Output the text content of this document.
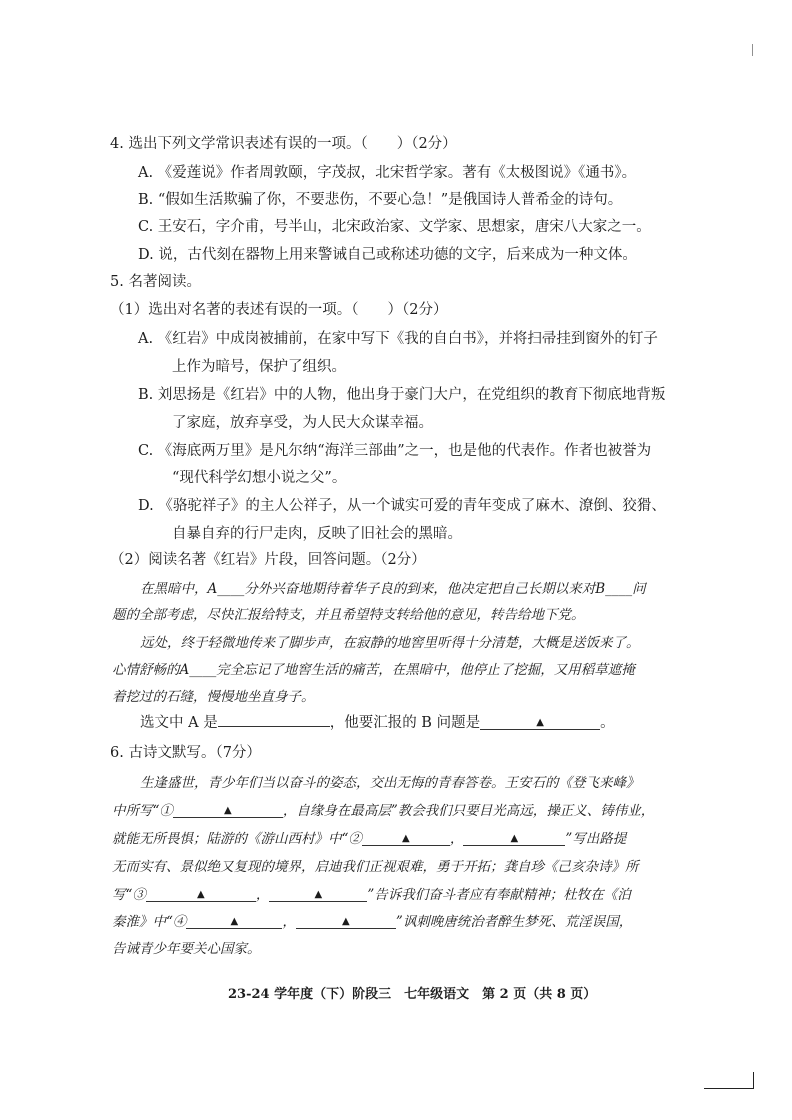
4. 选出下列文学常识表述有误的一项。（　　）（2分）
A. 《爱莲说》作者周敦颐，字茂叔，北宋哲学家。著有《太极图说》《通书》。
B. “假如生活欺骗了你，不要悲伤，不要心急！”是俄国诗人普希金的诗句。
C. 王安石，字介甫，号半山，北宋政治家、文学家、思想家，唐宋八大家之一。
D. 说，古代刻在器物上用来警诫自己或称述功德的文字，后来成为一种文体。
5. 名著阅读。
（1）选出对名著的表述有误的一项。（　　）（2分）
A. 《红岩》中成岗被捕前，在家中写下《我的自白书》，并将扫帚挂到窗外的钉子
上作为暗号，保护了组织。
B. 刘思扬是《红岩》中的人物，他出身于豪门大户，在党组织的教育下彻底地背叛
了家庭，放弃享受，为人民大众谋幸福。
C. 《海底两万里》是凡尔纳“海洋三部曲”之一，也是他的代表作。作者也被誉为
“现代科学幻想小说之父”。
D. 《骆驼祥子》的主人公祥子，从一个诚实可爱的青年变成了麻木、潦倒、狡猾、
自暴自弃的行尸走肉，反映了旧社会的黑暗。
（2）阅读名著《红岩》片段，回答问题。（2分）
在黑暗中，A____分外兴奋地期待着华子良的到来，他决定把自己长期以来对B____问
题的全部考虑，尽快汇报给特支，并且希望特支转给他的意见，转告给地下党。
远处，终于轻微地传来了脚步声，在寂静的地窖里听得十分清楚，大概是送饭来了。
心情舒畅的A____完全忘记了地窖生活的痛苦，在黑暗中，他停止了挖掘，又用稻草遮掩
着挖过的石缝，慢慢地坐直身子。
选文中 A 是	，他要汇报的 B 问题是	▲	。
6. 古诗文默写。（7分）
生逢盛世，青少年们当以奋斗的姿态，交出无悔的青春答卷。王安石的《登飞来峰》
中所写“①	▲	，自缘身在最高层”教会我们只要目光高远，操正义、铸伟业，
就能无所畏惧；陆游的《游山西村》中“②	▲	，	▲	”写出路提
无而实有、景似绝又复现的境界，启迪我们正视艰难，勇于开拓；龚自珍《己亥杂诗》所
写“③	▲	，	▲	”告诉我们奋斗者应有奉献精神；杜牧在《泊
秦淮》中“④	▲	，	▲	”讽刺晚唐统治者醉生梦死、荒淫误国，
告诫青少年要关心国家。
23-24 学年度（下）阶段三　七年级语文　第 2 页（共 8 页）
